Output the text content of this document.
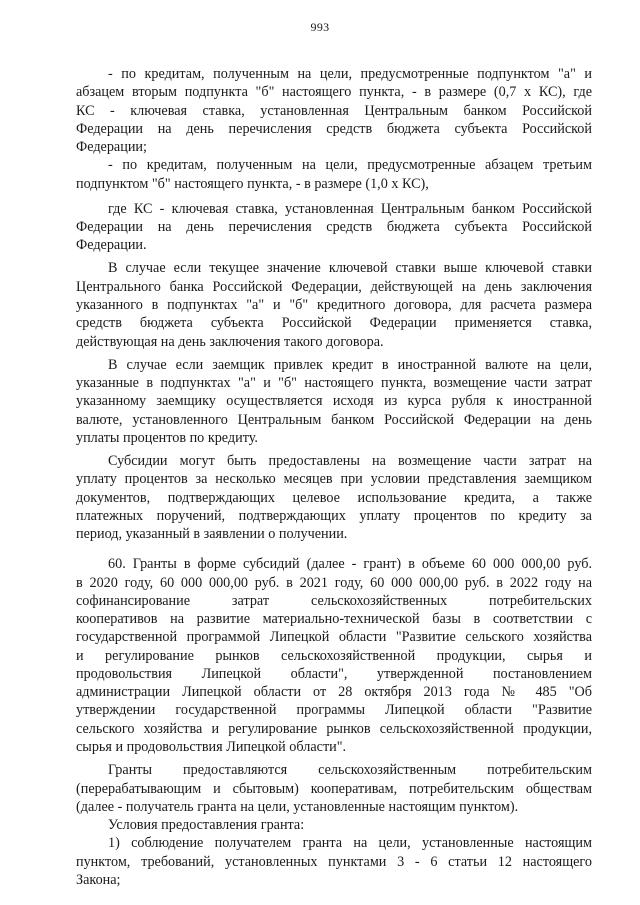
993
- по кредитам, полученным на цели, предусмотренные подпунктом "а" и
абзацем вторым подпункта "б" настоящего пункта, - в размере (0,7 х КС), где
КС - ключевая ставка, установленная Центральным банком Российской
Федерации на день перечисления средств бюджета субъекта Российской
Федерации;
- по кредитам, полученным на цели, предусмотренные абзацем третьим
подпунктом "б" настоящего пункта, - в размере (1,0 х КС),
где КС - ключевая ставка, установленная Центральным банком Российской
Федерации на день перечисления средств бюджета субъекта Российской
Федерации.
В случае если текущее значение ключевой ставки выше ключевой ставки
Центрального банка Российской Федерации, действующей на день заключения
указанного в подпунктах "а" и "б" кредитного договора, для расчета размера
средств бюджета субъекта Российской Федерации применяется ставка,
действующая на день заключения такого договора.
В случае если заемщик привлек кредит в иностранной валюте на цели,
указанные в подпунктах "а" и "б" настоящего пункта, возмещение части затрат
указанному заемщику осуществляется исходя из курса рубля к иностранной
валюте, установленного Центральным банком Российской Федерации на день
уплаты процентов по кредиту.
Субсидии могут быть предоставлены на возмещение части затрат на
уплату процентов за несколько месяцев при условии представления заемщиком
документов, подтверждающих целевое использование кредита, а также
платежных поручений, подтверждающих уплату процентов по кредиту за
период, указанный в заявлении о получении.
60. Гранты в форме субсидий (далее - грант) в объеме 60 000 000,00 руб.
в 2020 году, 60 000 000,00 руб. в 2021 году, 60 000 000,00 руб. в 2022 году на
софинансирование затрат сельскохозяйственных потребительских
кооперативов на развитие материально-технической базы в соответствии с
государственной программой Липецкой области "Развитие сельского хозяйства
и регулирование рынков сельскохозяйственной продукции, сырья и
продовольствия Липецкой области", утвержденной постановлением
администрации Липецкой области от 28 октября 2013 года № 485 "Об
утверждении государственной программы Липецкой области "Развитие
сельского хозяйства и регулирование рынков сельскохозяйственной продукции,
сырья и продовольствия Липецкой области".
Гранты предоставляются сельскохозяйственным потребительским
(перерабатывающим и сбытовым) кооперативам, потребительским обществам
(далее - получатель гранта на цели, установленные настоящим пунктом).
Условия предоставления гранта:
1) соблюдение получателем гранта на цели, установленные настоящим
пунктом, требований, установленных пунктами 3 - 6 статьи 12 настоящего
Закона;
